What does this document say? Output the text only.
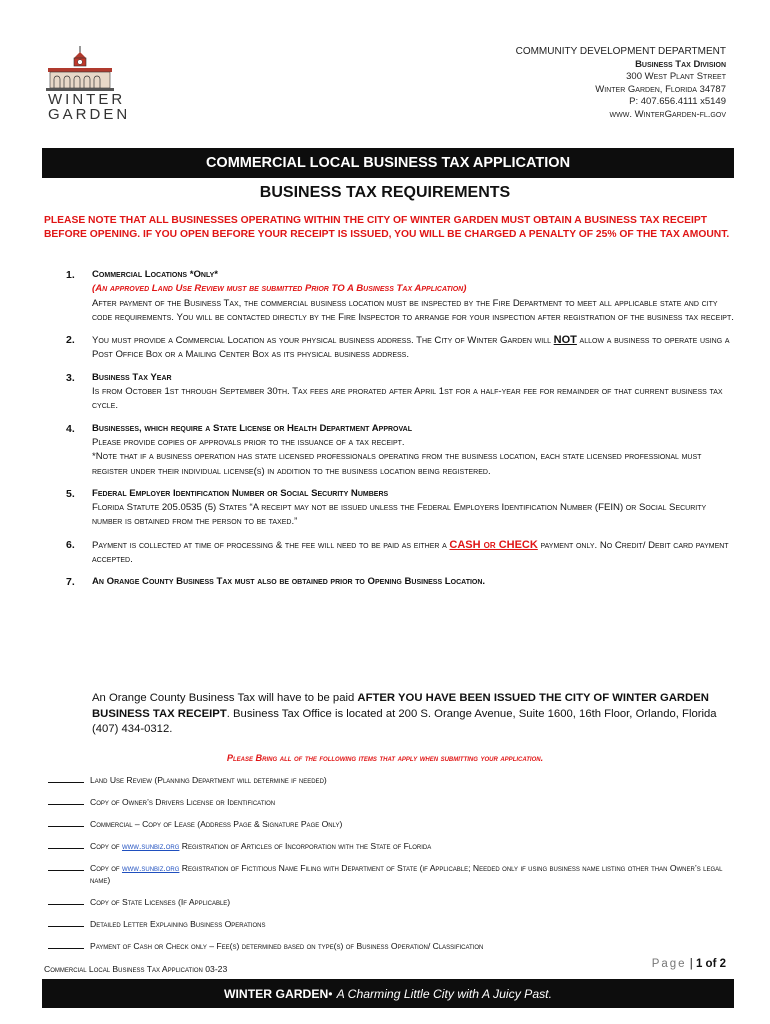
WINTER GARDEN
COMMUNITY DEVELOPMENT DEPARTMENT
Business Tax Division
300 West Plant Street
Winter Garden, Florida 34787
P: 407.656.4111 x5149
www. WinterGarden-fl.gov
COMMERCIAL LOCAL BUSINESS TAX APPLICATION
BUSINESS TAX REQUIREMENTS
PLEASE NOTE THAT ALL BUSINESSES OPERATING WITHIN THE CITY OF WINTER GARDEN MUST OBTAIN A BUSINESS TAX RECEIPT BEFORE OPENING. IF YOU OPEN BEFORE YOUR RECEIPT IS ISSUED, YOU WILL BE CHARGED A PENALTY OF 25% OF THE TAX AMOUNT.
1.	Commercial Locations *Only*
(An approved Land Use Review must be submitted Prior TO A Business Tax Application)
After payment of the Business Tax, the commercial business location must be inspected by the Fire Department to meet all applicable state and city code requirements. You will be contacted directly by the Fire Inspector to arrange for your inspection after registration of the business tax receipt.
2.	You must provide a Commercial Location as your physical business address. The City of Winter Garden will NOT allow a business to operate using a Post Office Box or a Mailing Center Box as its physical business address.
3.	Business Tax Year
Is from October 1st through September 30th. Tax fees are prorated after April 1st for a half-year fee for remainder of that current business tax cycle.
4.	Businesses, which require a State License or Health Department Approval
Please provide copies of approvals prior to the issuance of a tax receipt.
*Note that if a business operation has state licensed professionals operating from the business location, each state licensed professional must register under their individual license(s) in addition to the business location being registered.
5.	Federal Employer Identification Number or Social Security Numbers
Florida Statute 205.0535 (5) States “A receipt may not be issued unless the Federal Employers Identification Number (FEIN) or Social Security number is obtained from the person to be taxed.”
6.	Payment is collected at time of processing & the fee will need to be paid as either a CASH or CHECK payment only. No Credit/ Debit card payment accepted.
7.	An Orange County Business Tax must also be obtained prior to Opening Business Location.
An Orange County Business Tax will have to be paid AFTER YOU HAVE BEEN ISSUED THE CITY OF WINTER GARDEN BUSINESS TAX RECEIPT. Business Tax Office is located at 200 S. Orange Avenue, Suite 1600, 16th Floor, Orlando, Florida (407) 434-0312.
Please Bring all of the following items that apply when submitting your application.
Land Use Review (Planning Department will determine if needed)
Copy of Owner’s Drivers License or Identification
Commercial – Copy of Lease (Address Page & Signature Page Only)
Copy of www.sunbiz.org Registration of Articles of Incorporation with the State of Florida
Copy of www.sunbiz.org Registration of Fictitious Name Filing with Department of State (if Applicable; Needed only if using business name listing other than Owner’s legal name)
Copy of State Licenses (If Applicable)
Detailed Letter Explaining Business Operations
Payment of Cash or Check only – Fee(s) determined based on type(s) of Business Operation/ Classification
Commercial Local Business Tax Application 03-23	Page | 1 of 2
WINTER GARDEN • A Charming Little City with A Juicy Past.
